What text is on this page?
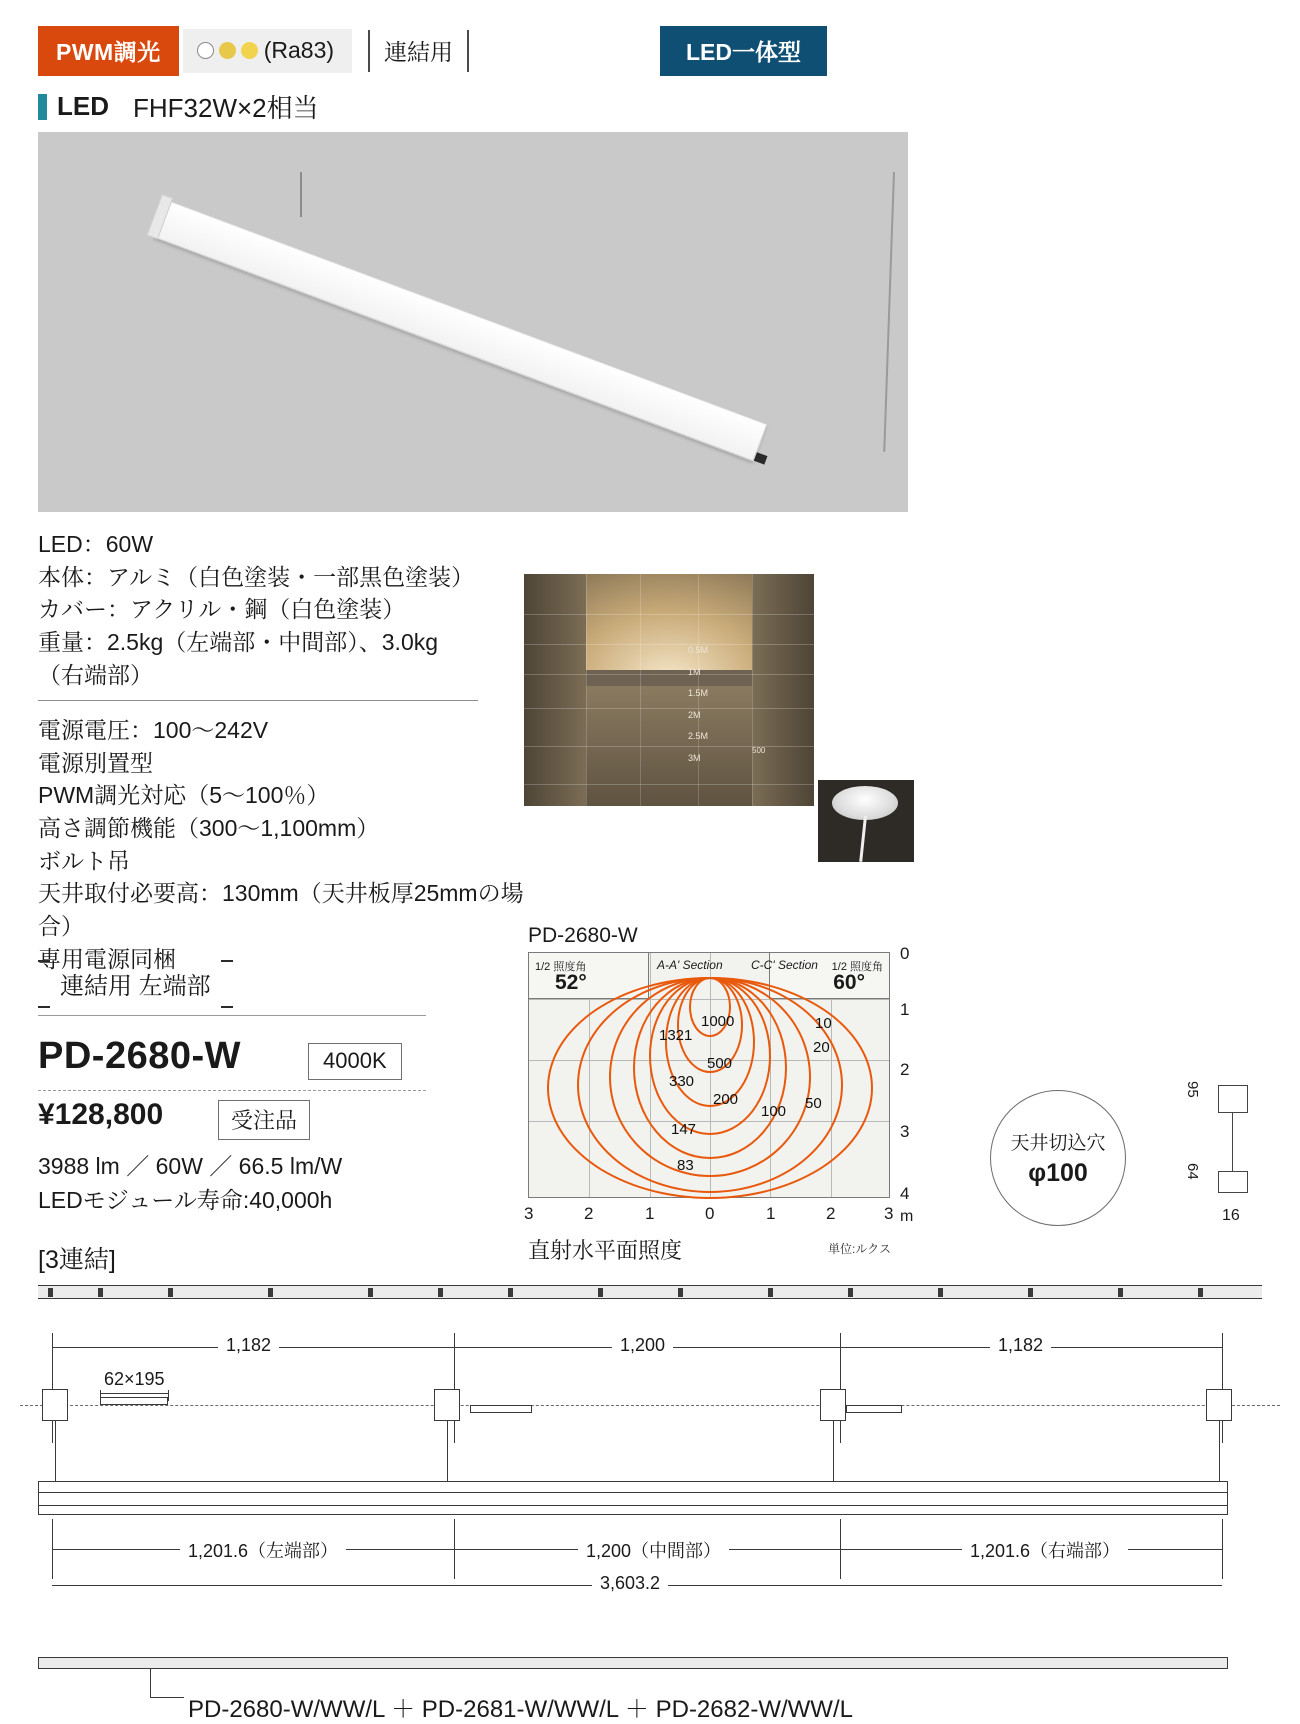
PWM調光	(Ra83)	連結用	LED一体型
LED FHF32W×2相当
LED：60W
本体：アルミ（白色塗装・一部黒色塗装）
カバー：アクリル・鋼（白色塗装）
重量：2.5kg（左端部・中間部）、3.0kg（右端部）
電源電圧：100〜242V
電源別置型
PWM調光対応（5〜100％）
高さ調節機能（300〜1,100mm）
ボルト吊
天井取付必要高：130mm（天井板厚25mmの場合）
専用電源同梱
0.5M
1M
1.5M
2M
2.5M
3M
500
連結用 左端部
PD-2680-W	4000K
¥128,800	受注品
3988 lm ／ 60W ／ 66.5 lm/W
LEDモジュール寿命:40,000h
[3連結]
PD-2680-W
1/2 照度角	A-A' Section C-C' Section 1/2 照度角
52°	60°
1321
1000
500
330
200
147
100
83
10
20
50
0
1
2
3
4
3	2	1	0	1	2	3 m
直射水平面照度	単位:ルクス
天井切込穴
φ100
95
64
16
1,182	1,200	1,182
62×195
1,201.6（左端部）	1,200（中間部）	1,201.6（右端部）
3,603.2
PD-2680-W/WW/L ＋ PD-2681-W/WW/L ＋ PD-2682-W/WW/L
